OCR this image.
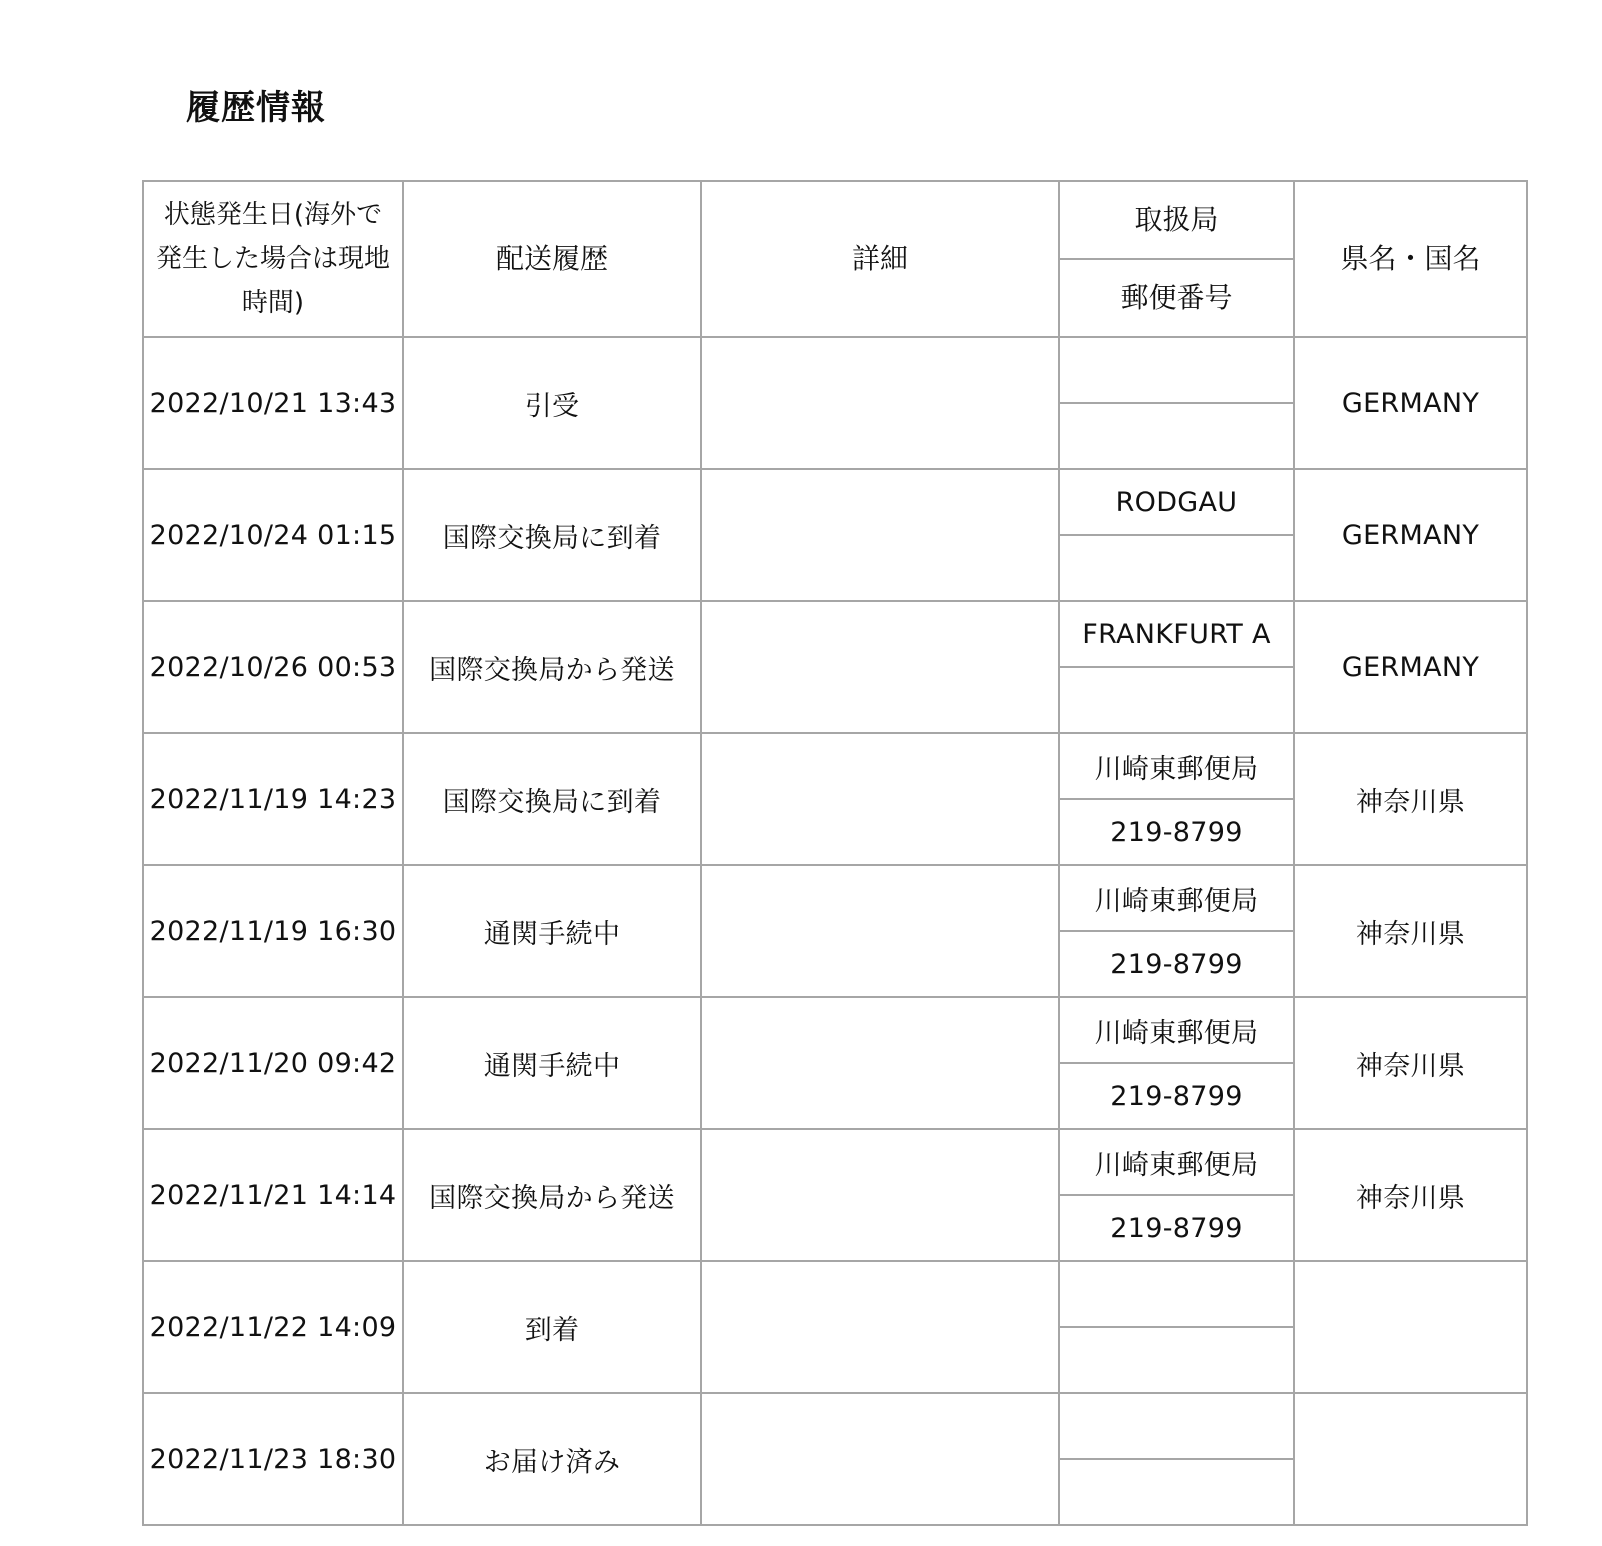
履歴情報
状態発生日(海外で発生した場合は現地時間)	配送履歴	詳細	取扱局	県名・国名
			郵便番号	
2022/10/21 13:43	引受			GERMANY

2022/10/24 01:15	国際交換局に到着		RODGAU	GERMANY

2022/10/26 00:53	国際交換局から発送		FRANKFURT A	GERMANY

2022/11/19 14:23	国際交換局に到着		川崎東郵便局	神奈川県
			219-8799	
2022/11/19 16:30	通関手続中		川崎東郵便局	神奈川県
			219-8799	
2022/11/20 09:42	通関手続中		川崎東郵便局	神奈川県
			219-8799	
2022/11/21 14:14	国際交換局から発送		川崎東郵便局	神奈川県
			219-8799	
2022/11/22 14:09	到着			

2022/11/23 18:30	お届け済み			
